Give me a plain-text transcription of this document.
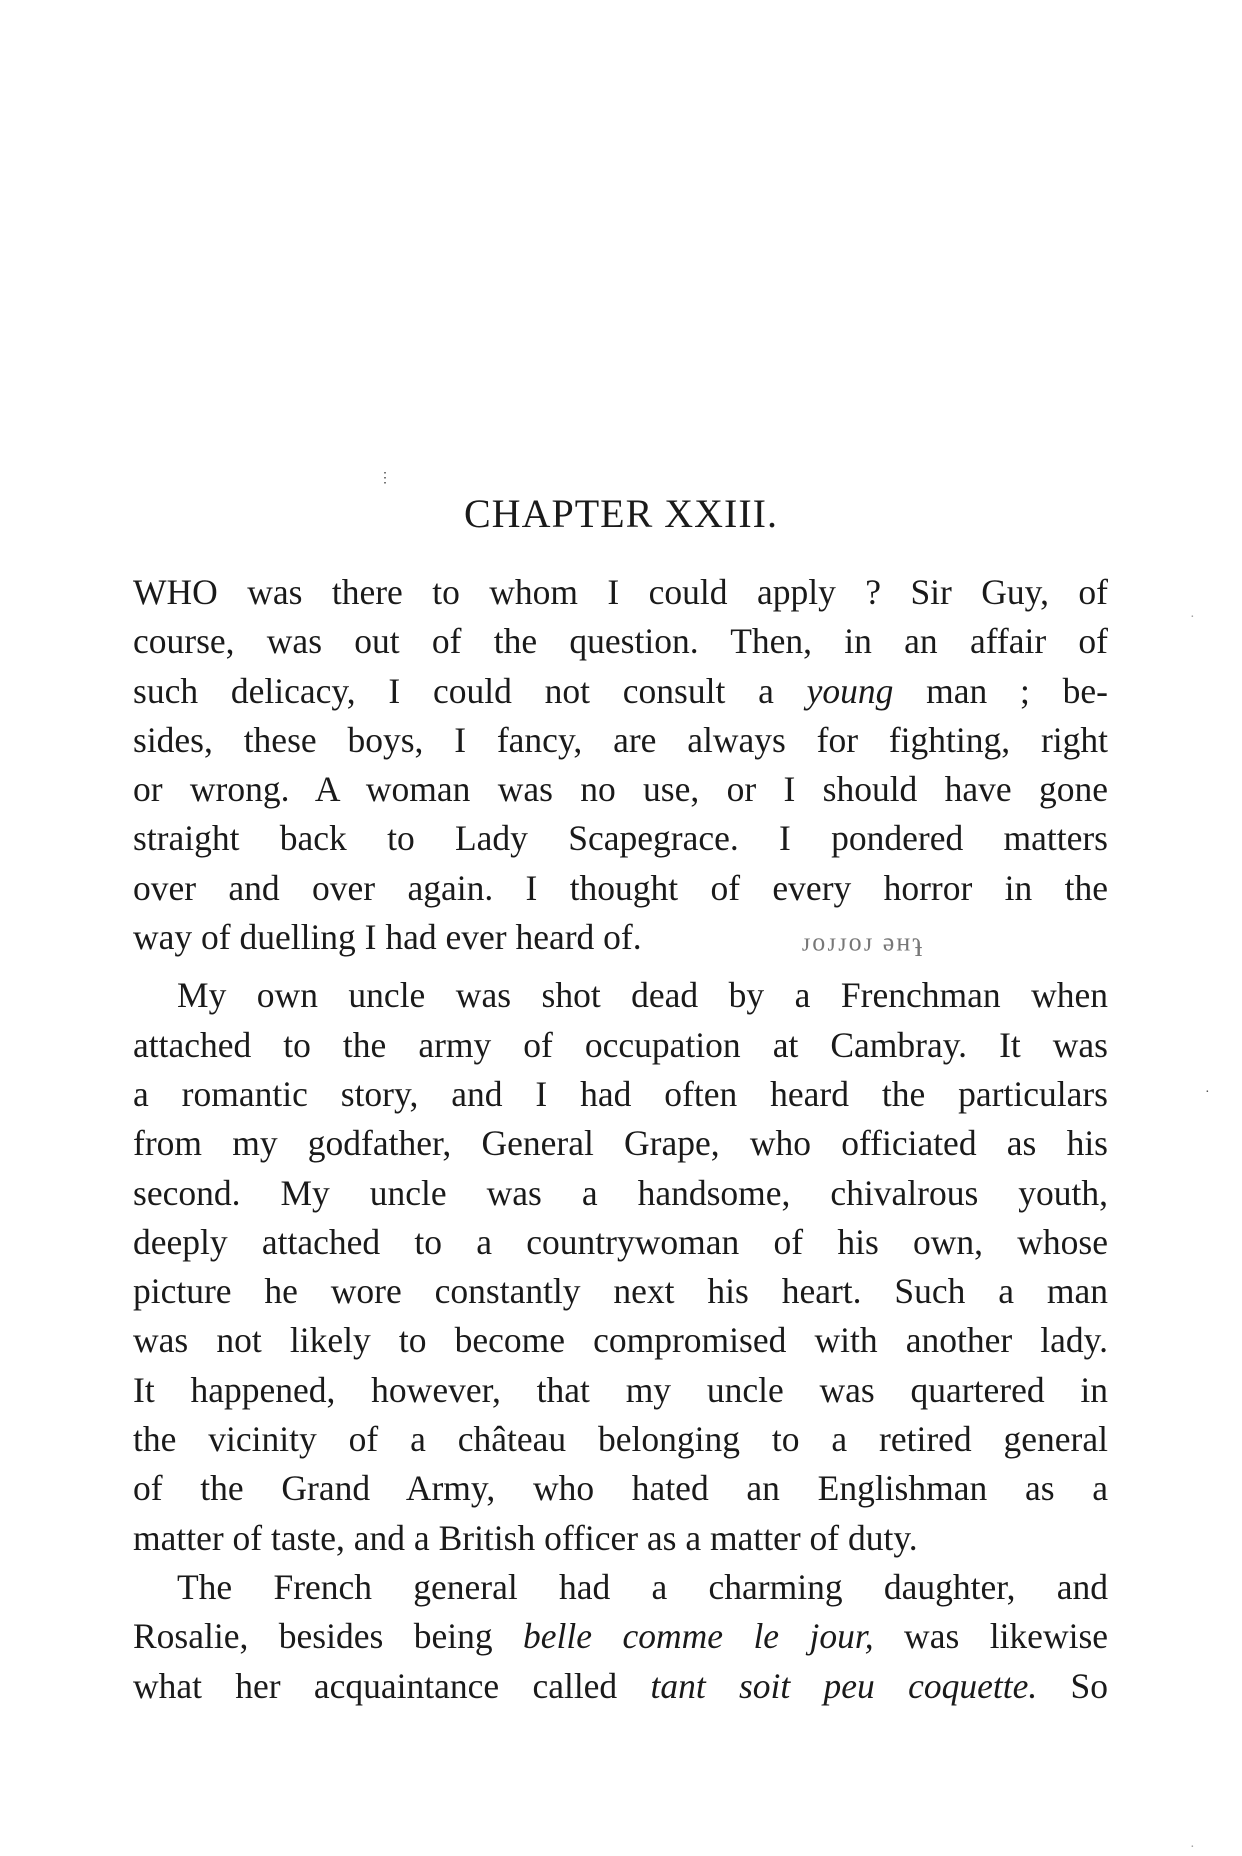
CHAPTER XXIII.
WHO was there to whom I could apply ? Sir Guy, of
course, was out of the question. Then, in an affair of
such delicacy, I could not consult a young man ; be-
sides, these boys, I fancy, are always for fighting, right
or wrong. A woman was no use, or I should have gone
straight back to Lady Scapegrace. I pondered matters
over and over again. I thought of every horror in the
way of duelling I had ever heard of.	ɿoɿɿoɿ ɘʜɈ
My own uncle was shot dead by a Frenchman when
attached to the army of occupation at Cambray. It was
a romantic story, and I had often heard the particulars
from my godfather, General Grape, who officiated as his
second. My uncle was a handsome, chivalrous youth,
deeply attached to a countrywoman of his own, whose
picture he wore constantly next his heart. Such a man
was not likely to become compromised with another lady.
It happened, however, that my uncle was quartered in
the vicinity of a château belonging to a retired general
of the Grand Army, who hated an Englishman as a
matter of taste, and a British officer as a matter of duty.
The French general had a charming daughter, and
Rosalie, besides being belle comme le jour, was likewise
what her acquaintance called tant soit peu coquette. So
⋮
·
·
·
